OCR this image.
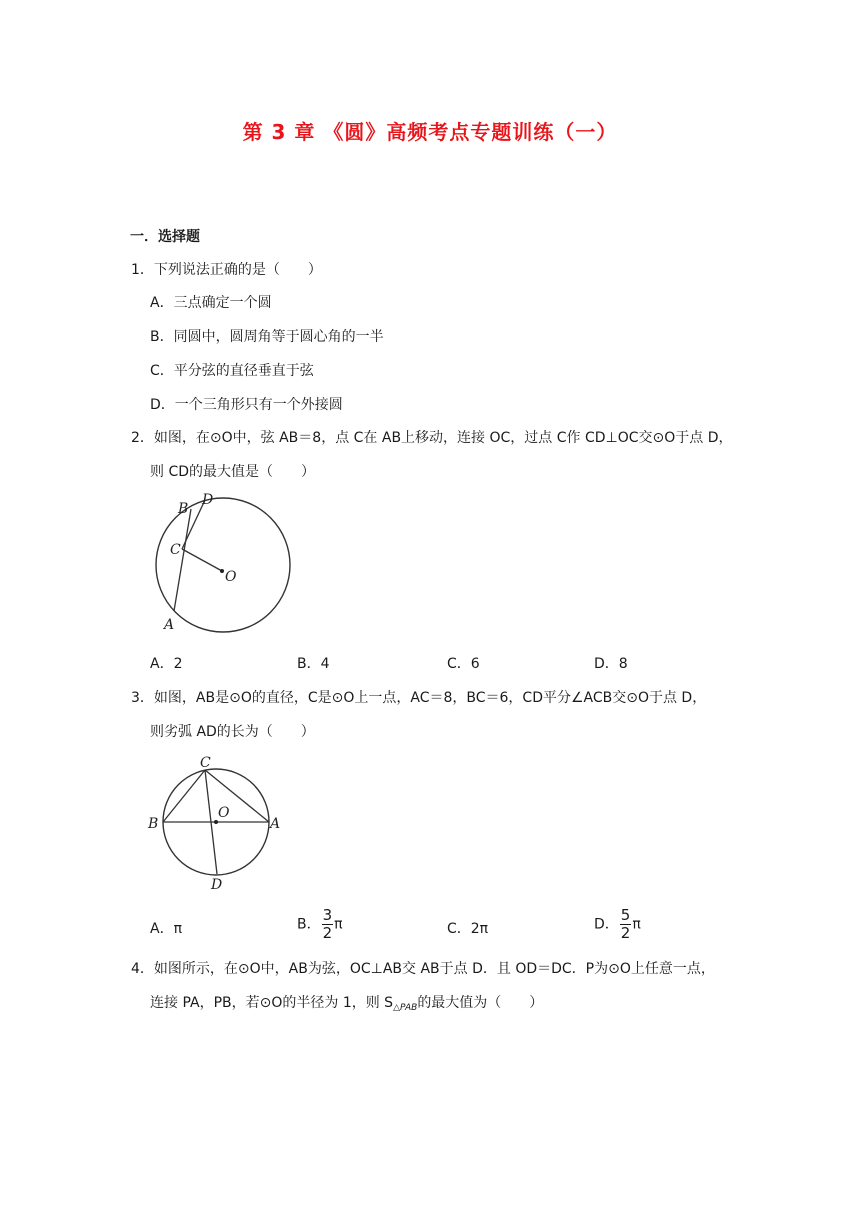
第 3 章 《圆》高频考点专题训练（一）
一．选择题
1．下列说法正确的是（　　）
A．三点确定一个圆
B．同圆中，圆周角等于圆心角的一半
C．平分弦的直径垂直于弦
D．一个三角形只有一个外接圆
2．如图，在⊙O中，弦 AB＝8，点 C在 AB上移动，连接 OC，过点 C作 CD⊥OC交⊙O于点 D，
则 CD的最大值是（　　）
B
D
C
O
A
A．2	B．4	C．6	D．8
3．如图，AB是⊙O的直径，C是⊙O上一点，AC＝8，BC＝6，CD平分∠ACB交⊙O于点 D，
则劣弧 AD的长为（　　）
C
O
B	A
D
A．π	B． $\frac{3}{2}$ π	C．2π	D． $\frac{5}{2}$ π
4．如图所示，在⊙O中，AB为弦，OC⊥AB交 AB于点 D．且 OD＝DC．P为⊙O上任意一点，
连接 PA，PB，若⊙O的半径为 1，则 $S_{\triangle PAB}$的最大值为（　　）
